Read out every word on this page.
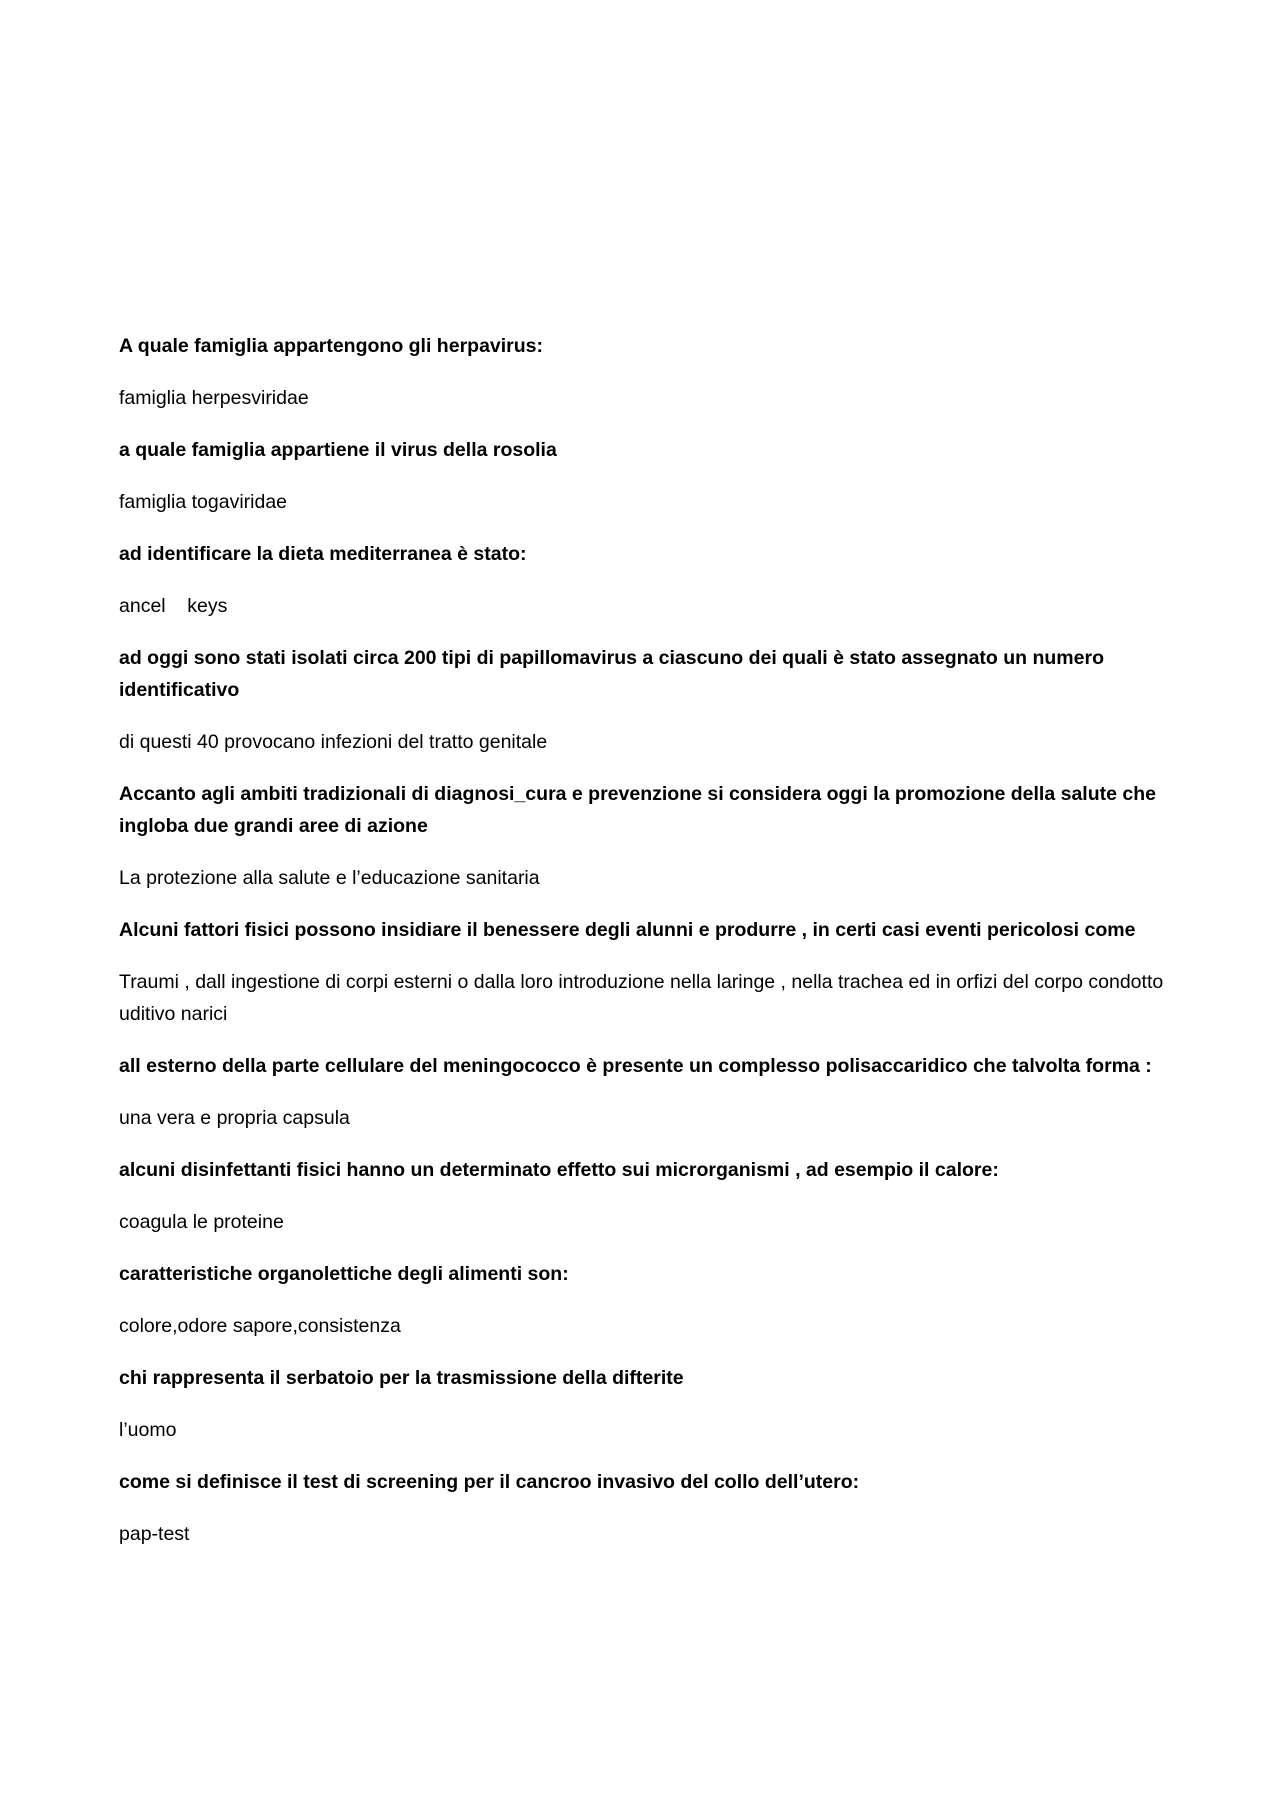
A quale famiglia appartengono gli herpavirus:

famiglia herpesviridae

a quale famiglia appartiene il virus della rosolia

famiglia togaviridae

ad identificare la dieta mediterranea è stato:

ancel    keys

ad oggi sono stati isolati circa 200 tipi di papillomavirus a ciascuno dei quali è stato assegnato un numero identificativo

di questi 40 provocano infezioni del tratto genitale

Accanto agli ambiti tradizionali di diagnosi_cura e prevenzione si considera oggi la promozione della salute che ingloba due grandi aree di azione

La protezione alla salute e l’educazione sanitaria

Alcuni fattori fisici possono insidiare il benessere degli alunni e produrre , in certi casi eventi pericolosi come

Traumi , dall ingestione di corpi esterni o dalla loro introduzione nella laringe , nella trachea ed in orfizi del corpo condotto uditivo narici

all esterno della parte cellulare del meningococco è presente un complesso polisaccaridico che talvolta forma :

una vera e propria capsula

alcuni disinfettanti fisici hanno un determinato effetto sui microrganismi , ad esempio il calore:

coagula le proteine

caratteristiche organolettiche degli alimenti son:

colore,odore sapore,consistenza

chi rappresenta il serbatoio per la trasmissione della difterite

l’uomo

come si definisce il test di screening per il cancroo invasivo del collo dell’utero:

pap-test
